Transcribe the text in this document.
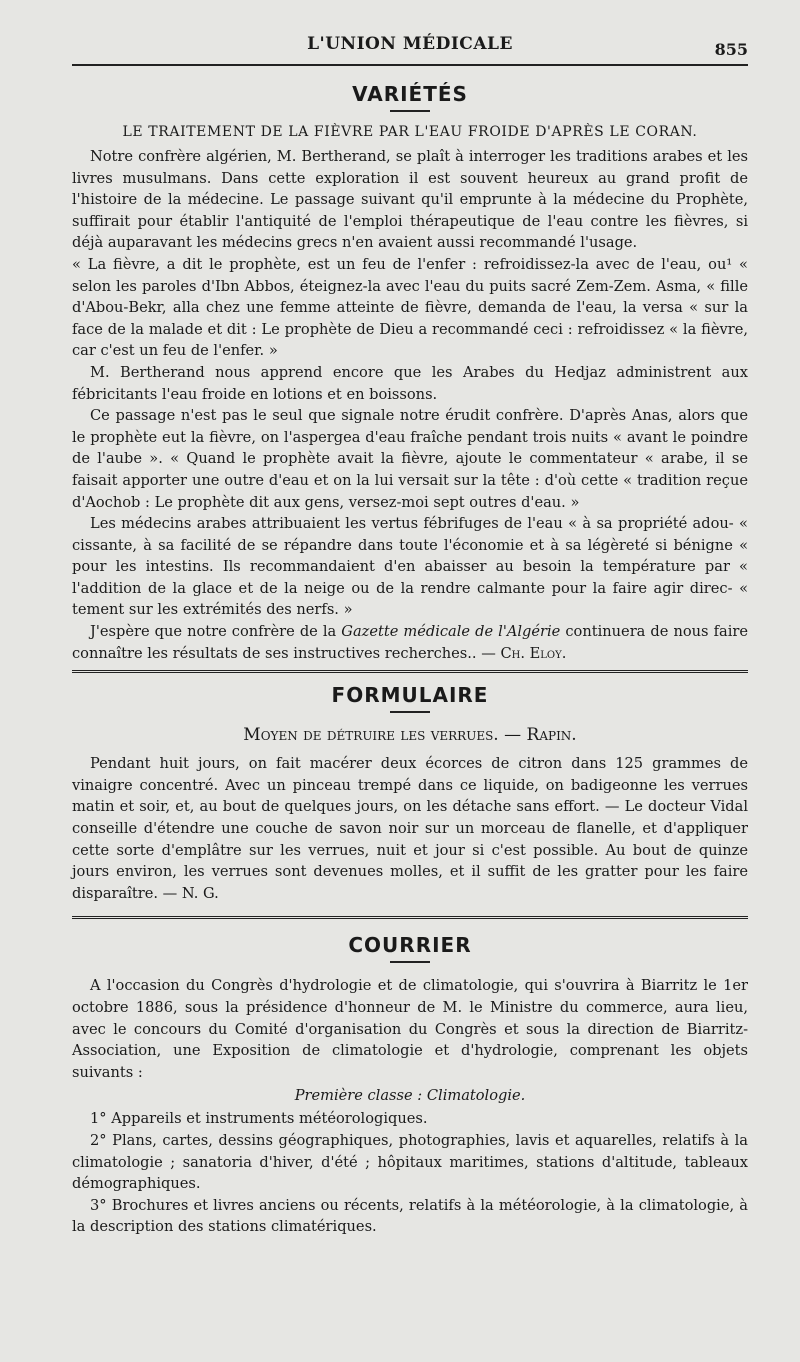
L'UNION MÉDICALE	855
VARIÉTÉS
LE TRAITEMENT DE LA FIÈVRE PAR L'EAU FROIDE D'APRÈS LE CORAN.

Notre confrère algérien, M. Bertherand, se plaît à interroger les traditions arabes et les livres musulmans. Dans cette exploration il est souvent heureux au grand profit de l'histoire de la médecine. Le passage suivant qu'il emprunte à la médecine du Prophète, suffirait pour établir l'antiquité de l'emploi thérapeutique de l'eau contre les fièvres, si déjà auparavant les médecins grecs n'en avaient aussi recommandé l'usage.

« La fièvre, a dit le prophète, est un feu de l'enfer : refroidissez-la avec de l'eau, ou¹ « selon les paroles d'Ibn Abbos, éteignez-la avec l'eau du puits sacré Zem-Zem. Asma, « fille d'Abou-Bekr, alla chez une femme atteinte de fièvre, demanda de l'eau, la versa « sur la face de la malade et dit : Le prophète de Dieu a recommandé ceci : refroidissez « la fièvre, car c'est un feu de l'enfer. »

M. Bertherand nous apprend encore que les Arabes du Hedjaz administrent aux fébricitants l'eau froide en lotions et en boissons.

Ce passage n'est pas le seul que signale notre érudit confrère. D'après Anas, alors que le prophète eut la fièvre, on l'aspergea d'eau fraîche pendant trois nuits « avant le poindre de l'aube ». « Quand le prophète avait la fièvre, ajoute le commentateur « arabe, il se faisait apporter une outre d'eau et on la lui versait sur la tête : d'où cette « tradition reçue d'Aochob : Le prophète dit aux gens, versez-moi sept outres d'eau. »

Les médecins arabes attribuaient les vertus fébrifuges de l'eau « à sa propriété adou- « cissante, à sa facilité de se répandre dans toute l'économie et à sa légèreté si bénigne « pour les intestins. Ils recommandaient d'en abaisser au besoin la température par « l'addition de la glace et de la neige ou de la rendre calmante pour la faire agir direc- « tement sur les extrémités des nerfs. »

J'espère que notre confrère de la Gazette médicale de l'Algérie continuera de nous faire connaître les résultats de ses instructives recherches.. — Ch. Eloy.

FORMULAIRE
Moyen de détruire les verrues. — Rapin.

Pendant huit jours, on fait macérer deux écorces de citron dans 125 grammes de vinaigre concentré. Avec un pinceau trempé dans ce liquide, on badigeonne les verrues matin et soir, et, au bout de quelques jours, on les détache sans effort. — Le docteur Vidal conseille d'étendre une couche de savon noir sur un morceau de flanelle, et d'appliquer cette sorte d'emplâtre sur les verrues, nuit et jour si c'est possible. Au bout de quinze jours environ, les verrues sont devenues molles, et il suffit de les gratter pour les faire disparaître. — N. G.

COURRIER

A l'occasion du Congrès d'hydrologie et de climatologie, qui s'ouvrira à Biarritz le 1er octobre 1886, sous la présidence d'honneur de M. le Ministre du commerce, aura lieu, avec le concours du Comité d'organisation du Congrès et sous la direction de Biarritz-Association, une Exposition de climatologie et d'hydrologie, comprenant les objets suivants :

Première classe : Climatologie.

1° Appareils et instruments météorologiques.

2° Plans, cartes, dessins géographiques, photographies, lavis et aquarelles, relatifs à la climatologie ; sanatoria d'hiver, d'été ; hôpitaux maritimes, stations d'altitude, tableaux démographiques.

3° Brochures et livres anciens ou récents, relatifs à la météorologie, à la climatologie, à la description des stations climatériques.
